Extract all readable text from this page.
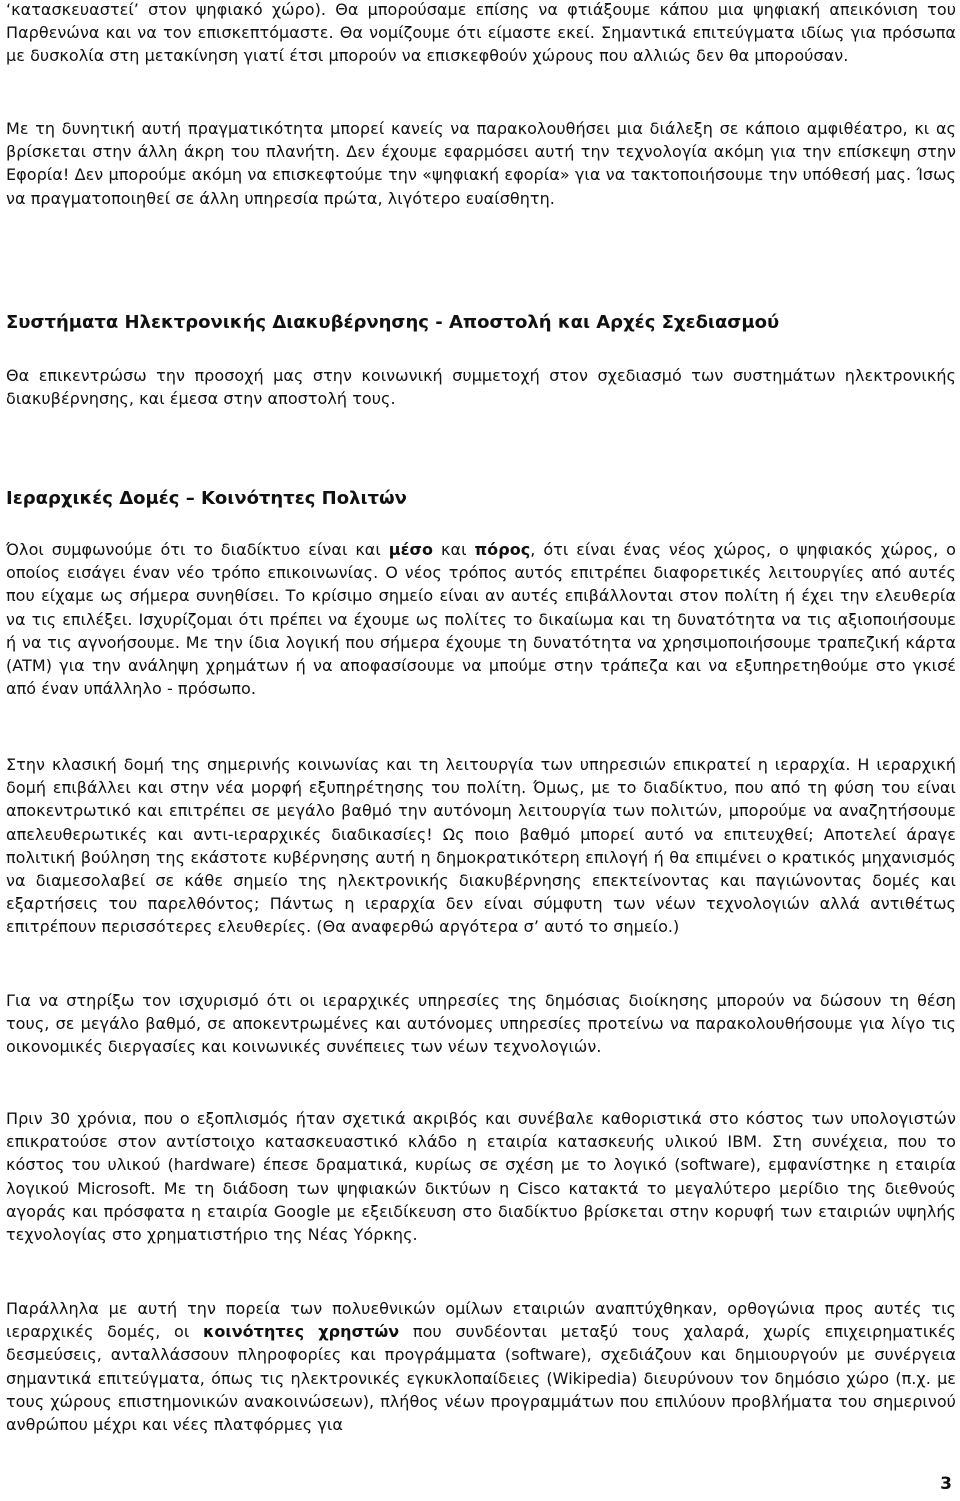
‘κατασκευαστεί’ στον ψηφιακό χώρο). Θα μπορούσαμε επίσης να φτιάξουμε κάπου μια ψηφιακή απεικόνιση του Παρθενώνα και να τον επισκεπτόμαστε. Θα νομίζουμε ότι είμαστε εκεί. Σημαντικά επιτεύγματα ιδίως για πρόσωπα με δυσκολία στη μετακίνηση γιατί έτσι μπορούν να επισκεφθούν χώρους που αλλιώς δεν θα μπορούσαν.

Με τη δυνητική αυτή πραγματικότητα μπορεί κανείς να παρακολουθήσει μια διάλεξη σε κάποιο αμφιθέατρο, κι ας βρίσκεται στην άλλη άκρη του πλανήτη. Δεν έχουμε εφαρμόσει αυτή την τεχνολογία ακόμη για την επίσκεψη στην Εφορία! Δεν μπορούμε ακόμη να επισκεφτούμε την «ψηφιακή εφορία» για να τακτοποιήσουμε την υπόθεσή μας. Ίσως να πραγματοποιηθεί σε άλλη υπηρεσία πρώτα, λιγότερο ευαίσθητη.

Συστήματα Ηλεκτρονικής Διακυβέρνησης - Αποστολή και Αρχές Σχεδιασμού

Θα επικεντρώσω την προσοχή μας στην κοινωνική συμμετοχή στον σχεδιασμό των συστημάτων ηλεκτρονικής διακυβέρνησης, και έμεσα στην αποστολή τους.

Ιεραρχικές Δομές – Κοινότητες Πολιτών

Όλοι συμφωνούμε ότι το διαδίκτυο είναι και μέσο και πόρος, ότι είναι ένας νέος χώρος, ο ψηφιακός χώρος, ο οποίος εισάγει έναν νέο τρόπο επικοινωνίας. Ο νέος τρόπος αυτός επιτρέπει διαφορετικές λειτουργίες από αυτές που είχαμε ως σήμερα συνηθίσει. Το κρίσιμο σημείο είναι αν αυτές επιβάλλονται στον πολίτη ή έχει την ελευθερία να τις επιλέξει. Ισχυρίζομαι ότι πρέπει να έχουμε ως πολίτες το δικαίωμα και τη δυνατότητα να τις αξιοποιήσουμε ή να τις αγνοήσουμε. Με την ίδια λογική που σήμερα έχουμε τη δυνατότητα να χρησιμοποιήσουμε τραπεζική κάρτα (ATM) για την ανάληψη χρημάτων ή να αποφασίσουμε να μπούμε στην τράπεζα και να εξυπηρετηθούμε στο γκισέ από έναν υπάλληλο - πρόσωπο.

Στην κλασική δομή της σημερινής κοινωνίας και τη λειτουργία των υπηρεσιών επικρατεί η ιεραρχία. Η ιεραρχική δομή επιβάλλει και στην νέα μορφή εξυπηρέτησης του πολίτη. Όμως, με το διαδίκτυο, που από τη φύση του είναι αποκεντρωτικό και επιτρέπει σε μεγάλο βαθμό την αυτόνομη λειτουργία των πολιτών, μπορούμε να αναζητήσουμε απελευθερωτικές και αντι-ιεραρχικές διαδικασίες! Ως ποιο βαθμό μπορεί αυτό να επιτευχθεί; Αποτελεί άραγε πολιτική βούληση της εκάστοτε κυβέρνησης αυτή η δημοκρατικότερη επιλογή ή θα επιμένει ο κρατικός μηχανισμός να διαμεσολαβεί σε κάθε σημείο της ηλεκτρονικής διακυβέρνησης επεκτείνοντας και παγιώνοντας δομές και εξαρτήσεις του παρελθόντος; Πάντως η ιεραρχία δεν είναι σύμφυτη των νέων τεχνολογιών αλλά αντιθέτως επιτρέπουν περισσότερες ελευθερίες. (Θα αναφερθώ αργότερα σ’ αυτό το σημείο.)

Για να στηρίξω τον ισχυρισμό ότι οι ιεραρχικές υπηρεσίες της δημόσιας διοίκησης μπορούν να δώσουν τη θέση τους, σε μεγάλο βαθμό, σε αποκεντρωμένες και αυτόνομες υπηρεσίες προτείνω να παρακολουθήσουμε για λίγο τις οικονομικές διεργασίες και κοινωνικές συνέπειες των νέων τεχνολογιών.

Πριν 30 χρόνια, που ο εξοπλισμός ήταν σχετικά ακριβός και συνέβαλε καθοριστικά στο κόστος των υπολογιστών επικρατούσε στον αντίστοιχο κατασκευαστικό κλάδο η εταιρία κατασκευής υλικού IBM. Στη συνέχεια, που το κόστος του υλικού (hardware) έπεσε δραματικά, κυρίως σε σχέση με το λογικό (software), εμφανίστηκε η εταιρία λογικού Microsoft. Με τη διάδοση των ψηφιακών δικτύων η Cisco κατακτά το μεγαλύτερο μερίδιο της διεθνούς αγοράς και πρόσφατα η εταιρία Google με εξειδίκευση στο διαδίκτυο βρίσκεται στην κορυφή των εταιριών υψηλής τεχνολογίας στο χρηματιστήριο της Νέας Υόρκης.

Παράλληλα με αυτή την πορεία των πολυεθνικών ομίλων εταιριών αναπτύχθηκαν, ορθογώνια προς αυτές τις ιεραρχικές δομές, οι κοινότητες χρηστών που συνδέονται μεταξύ τους χαλαρά, χωρίς επιχειρηματικές δεσμεύσεις, ανταλλάσσουν πληροφορίες και προγράμματα (software), σχεδιάζουν και δημιουργούν με συνέργεια σημαντικά επιτεύγματα, όπως τις ηλεκτρονικές εγκυκλοπαίδειες (Wikipedia) διευρύνουν τον δημόσιο χώρο (π.χ. με τους χώρους επιστημονικών ανακοινώσεων), πλήθος νέων προγραμμάτων που επιλύουν προβλήματα του σημερινού ανθρώπου μέχρι και νέες πλατφόρμες για

3
